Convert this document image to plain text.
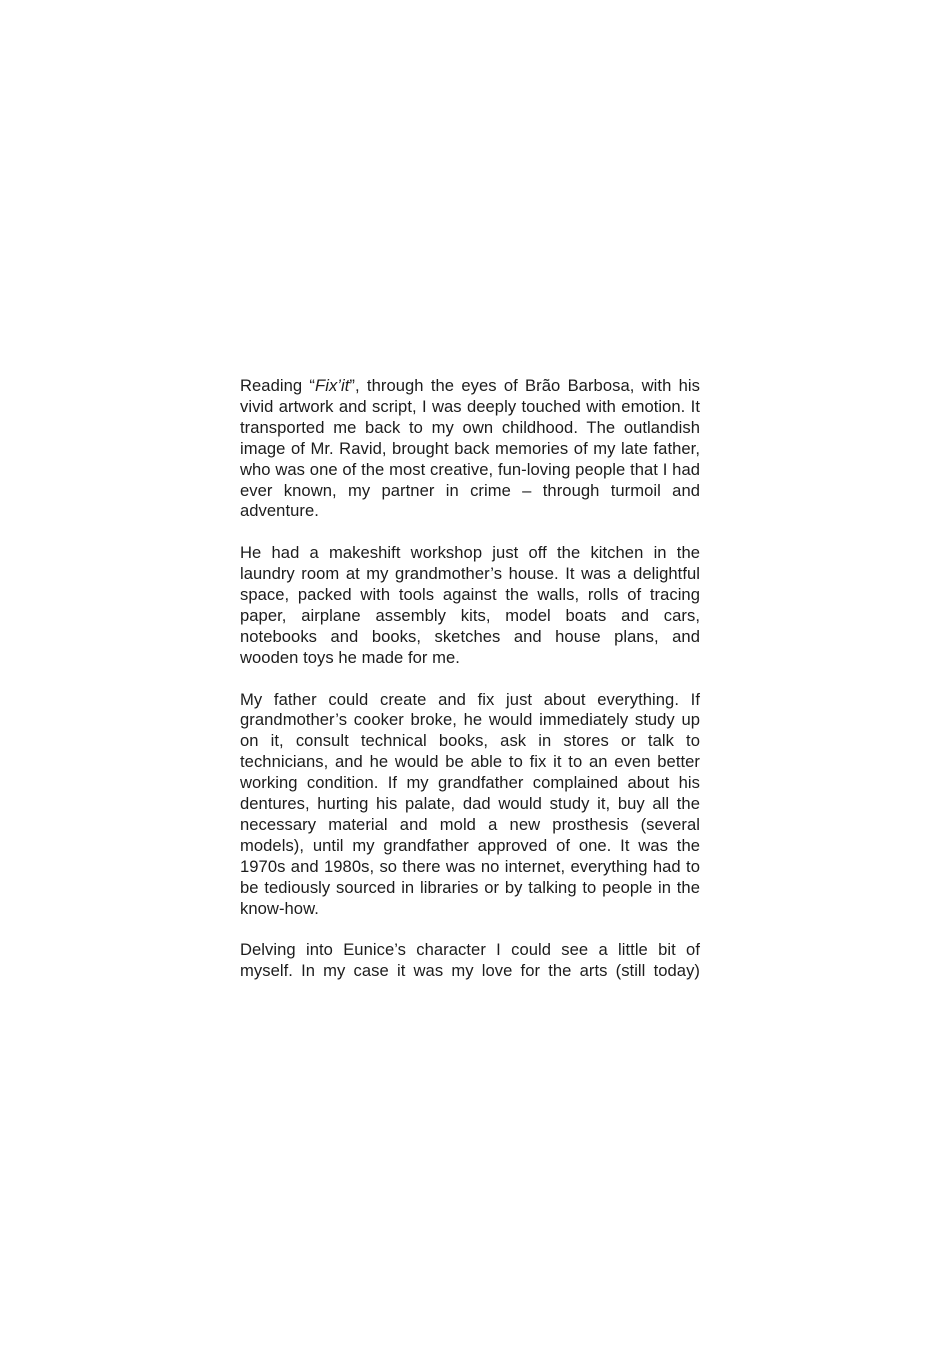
Reading “Fix’it”, through the eyes of Brão Barbosa, with his vivid artwork and script, I was deeply touched with emotion. It transported me back to my own childhood. The outlandish image of Mr. Ravid, brought back memories of my late father, who was one of the most creative, fun-loving people that I had ever known, my partner in crime – through turmoil and adventure.

He had a makeshift workshop just off the kitchen in the laundry room at my grandmother’s house. It was a delightful space, packed with tools against the walls, rolls of tracing paper, airplane assembly kits, model boats and cars, notebooks and books, sketches and house plans, and wooden toys he made for me.

My father could create and fix just about everything. If grandmother’s cooker broke, he would immediately study up on it, consult technical books, ask in stores or talk to technicians, and he would be able to fix it to an even better working condition. If my grandfather complained about his dentures, hurting his palate, dad would study it, buy all the necessary material and mold a new prosthesis (several models), until my grandfather approved of one. It was the 1970s and 1980s, so there was no internet, everything had to be tediously sourced in libraries or by talking to people in the know-how.

Delving into Eunice’s character I could see a little bit of myself. In my case it was my love for the arts (still today)
